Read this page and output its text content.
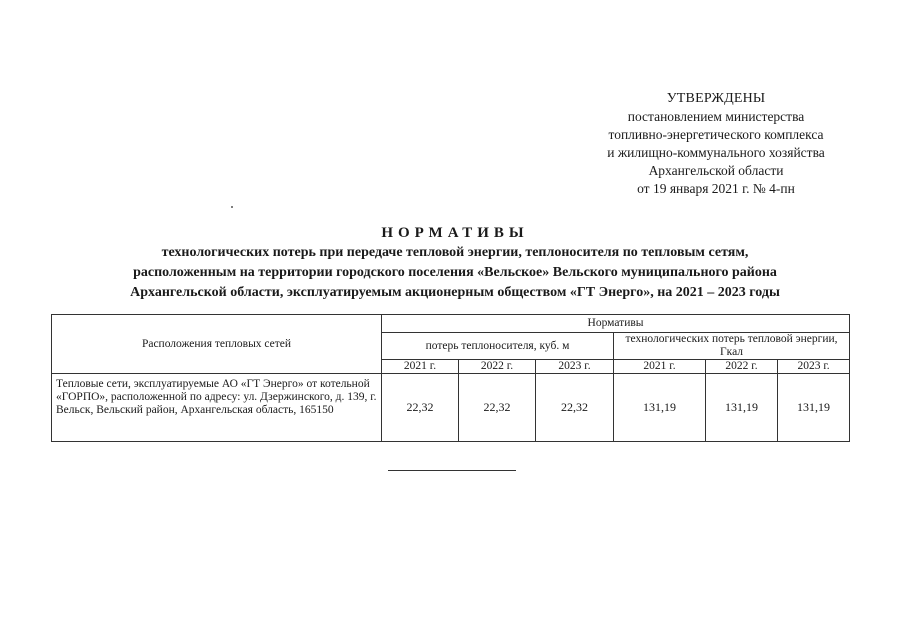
УТВЕРЖДЕНЫ
постановлением министерства
топливно-энергетического комплекса
и жилищно-коммунального хозяйства
Архангельской области
от 19 января 2021 г. № 4-пн
НОРМАТИВЫ
технологических потерь при передаче тепловой энергии, теплоносителя по тепловым сетям,
расположенным на территории городского поселения «Вельское» Вельского муниципального района
Архангельской области, эксплуатируемым акционерным обществом «ГТ Энерго», на 2021 – 2023 годы
Расположения тепловых сетей	Нормативы					
	потерь теплоносителя, куб. м			технологических потерь тепловой энергии, Гкал		
	2021 г.	2022 г.	2023 г.	2021 г.	2022 г.	2023 г.
Тепловые сети, эксплуатируемые АО «ГТ Энерго» от котельной «ГОРПО», расположенной по адресу: ул. Дзержинского, д. 139, г. Вельск, Вельский район, Архангельская область, 165150	22,32	22,32	22,32	131,19	131,19	131,19
